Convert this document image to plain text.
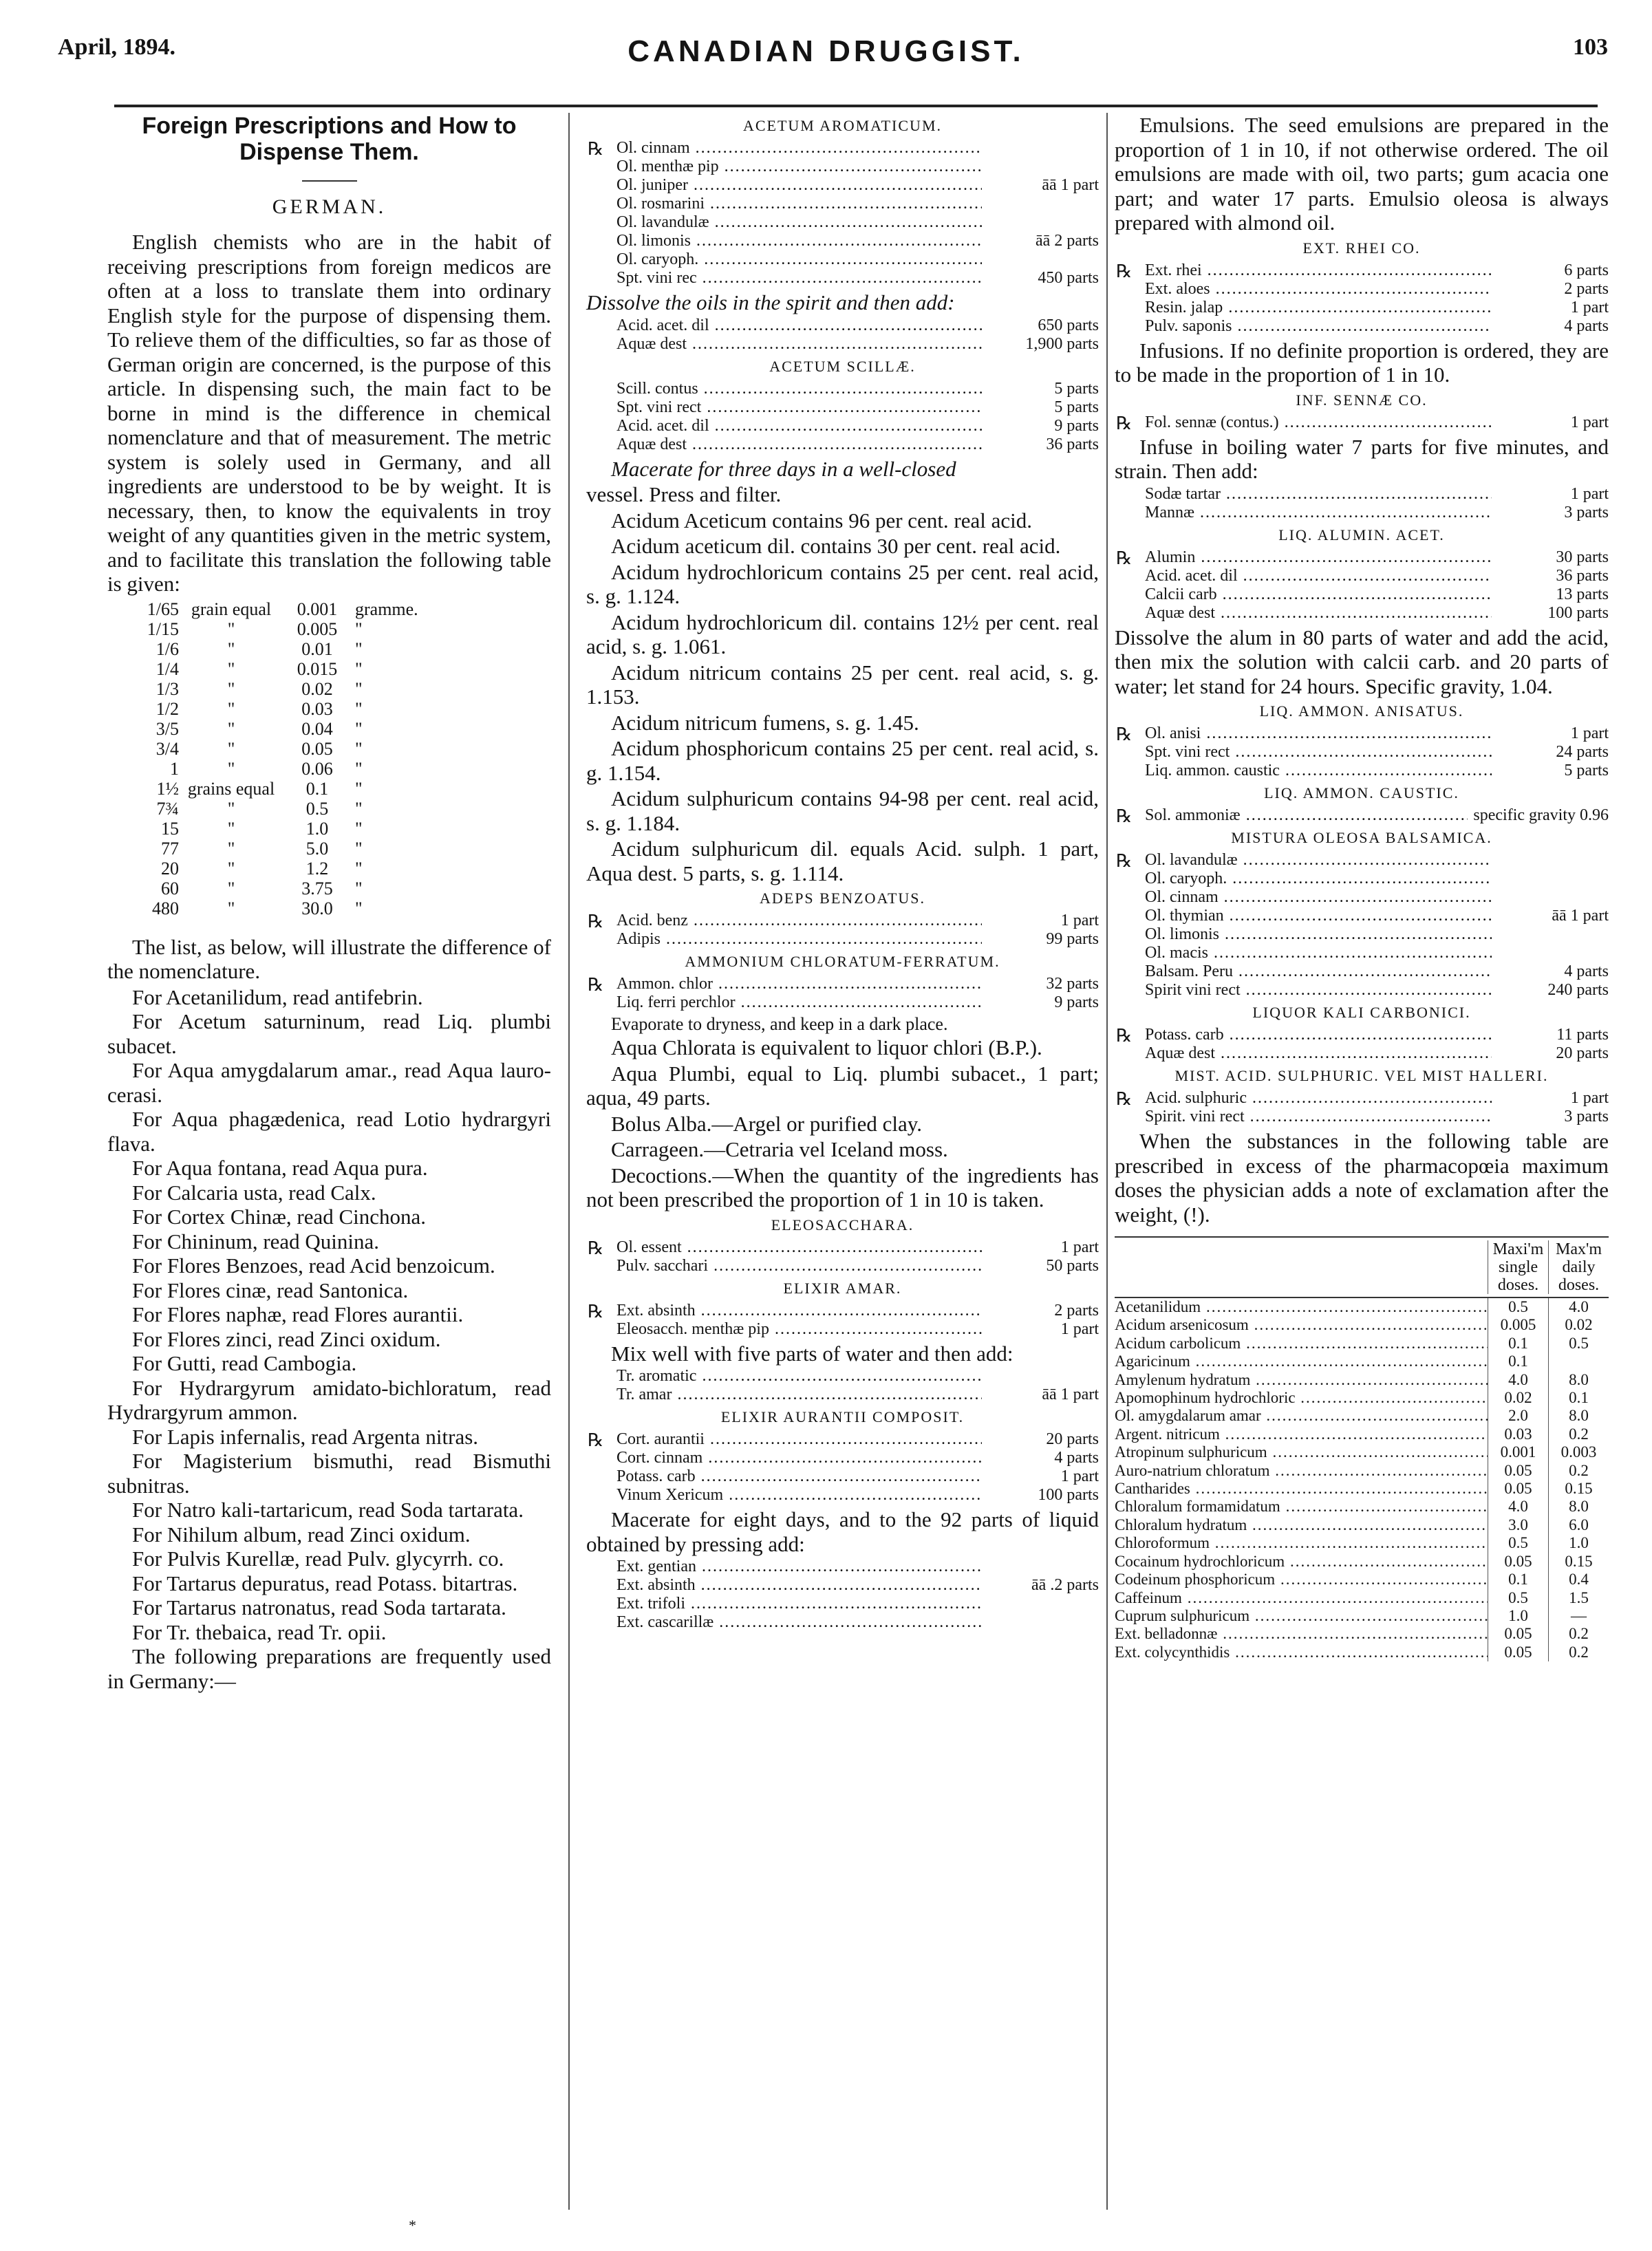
April, 1894.	CANADIAN DRUGGIST.	103
Foreign Prescriptions and How to Dispense Them.
GERMAN.

English chemists who are in the habit of receiving prescriptions from foreign medicos are often at a loss to translate them into ordinary English style for the purpose of dispensing them. To relieve them of the difficulties, so far as those of German origin are concerned, is the purpose of this article. In dispensing such, the main fact to be borne in mind is the difference in chemical nomenclature and that of measurement. The metric system is solely used in Germany, and all ingredients are understood to be by weight. It is necessary, then, to know the equivalents in troy weight of any quantities given in the metric system, and to facilitate this translation the following table is given:

1/65 grain equal	0.001 gramme.
1/15	"	0.005 "
1/6	"	0.01	"
1/4	"	0.015 "
1/3	"	0.02	"
1/2	"	0.03	"
3/5	"	0.04	"
3/4	"	0.05	"
1	"	0.06	"
1½ grains equal	0.1	"
7¾	"	0.5	"
15	"	1.0	"
77	"	5.0	"
20	"	1.2	"
60	"	3.75	"
480	"	30.0	"

The list, as below, will illustrate the difference of the nomenclature.

For Acetanilidum, read antifebrin.
For Acetum saturninum, read Liq. plumbi subacet.
For Aqua amygdalarum amar., read Aqua lauro-cerasi.
For Aqua phagædenica, read Lotio hydrargyri flava.
For Aqua fontana, read Aqua pura.
For Calcaria usta, read Calx.
For Cortex Chinæ, read Cinchona.
For Chininum, read Quinina.
For Flores Benzoes, read Acid benzoicum.
For Flores cinæ, read Santonica.
For Flores naphæ, read Flores aurantii.
For Flores zinci, read Zinci oxidum.
For Gutti, read Cambogia.
For Hydrargyrum amidato-bichloratum, read Hydrargyrum ammon.
For Lapis infernalis, read Argenta nitras.
For Magisterium bismuthi, read Bismuthi subnitras.
For Natro kali-tartaricum, read Soda tartarata.
For Nihilum album, read Zinci oxidum.
For Pulvis Kurellæ, read Pulv. glycyrrh. co.
For Tartarus depuratus, read Potass. bitartras.
For Tartarus natronatus, read Soda tartarata.
For Tr. thebaica, read Tr. opii.

The following preparations are frequently used in Germany:—

ACETUM AROMATICUM.
℞ Ol. cinnam .....
Ol. menthæ pip .....
Ol. juniper .....	āā 1 part
Ol. rosmarini .....
Ol. lavandulæ .....
Ol. limonis .....	āā 2 parts
Ol. caryoph. .....
Spt. vini rec .....	450 parts

Dissolve the oils in the spirit and then add:

Acid. acet. dil .....	650 parts
Aquæ dest .....	1,900 parts
ACETUM SCILLÆ.
Scill. contus .....	5 parts
Spt. vini rect .....	5 parts
Acid. acet. dil .....	9 parts
Aquæ dest .....	36 parts

Macerate for three days in a well-closed

vessel. Press and filter.

Acidum Aceticum contains 96 per cent. real acid.

Acidum aceticum dil. contains 30 per cent. real acid.

Acidum hydrochloricum contains 25 per cent. real acid, s. g. 1.124.

Acidum hydrochloricum dil. contains 12½ per cent. real acid, s. g. 1.061.

Acidum nitricum contains 25 per cent. real acid, s. g. 1.153.

Acidum nitricum fumens, s. g. 1.45.

Acidum phosphoricum contains 25 per cent. real acid, s. g. 1.154.

Acidum sulphuricum contains 94-98 per cent. real acid, s. g. 1.184.

Acidum sulphuricum dil. equals Acid. sulph. 1 part, Aqua dest. 5 parts, s. g. 1.114.

ADEPS BENZOATUS.
℞ Acid. benz .....	1 part
Adipis .....	99 parts
AMMONIUM CHLORATUM-FERRATUM.
℞ Ammon. chlor .....	32 parts
Liq. ferri perchlor .....	9 parts

Evaporate to dryness, and keep in a dark place.

Aqua Chlorata is equivalent to liquor chlori (B.P.).

Aqua Plumbi, equal to Liq. plumbi subacet., 1 part; aqua, 49 parts.

Bolus Alba.—Argel or purified clay.

Carrageen.—Cetraria vel Iceland moss.

Decoctions.—When the quantity of the ingredients has not been prescribed the proportion of 1 in 10 is taken.

ELEOSACCHARA.
℞ Ol. essent .....	1 part
Pulv. sacchari .....	50 parts
ELIXIR AMAR.
℞ Ext. absinth .....	2 parts
Eleosacch. menthæ pip .....	1 part

Mix well with five parts of water and then add:

Tr. aromatic .....
Tr. amar .....	āā 1 part
ELIXIR AURANTII COMPOSIT.
℞ Cort. aurantii .....	20 parts
Cort. cinnam .....	4 parts
Potass. carb .....	1 part
Vinum Xericum .....	100 parts

Macerate for eight days, and to the 92 parts of liquid obtained by pressing add:

Ext. gentian .....
Ext. absinth .....	āā .2 parts
Ext. trifoli .....
Ext. cascarillæ .....

Emulsions. The seed emulsions are prepared in the proportion of 1 in 10, if not otherwise ordered. The oil emulsions are made with oil, two parts; gum acacia one part; and water 17 parts. Emulsio oleosa is always prepared with almond oil.

EXT. RHEI CO.
℞ Ext. rhei .....	6 parts
Ext. aloes .....	2 parts
Resin. jalap .....	1 part
Pulv. saponis .....	4 parts

Infusions. If no definite proportion is ordered, they are to be made in the proportion of 1 in 10.

INF. SENNÆ CO.
℞ Fol. sennæ (contus.) .....	1 part

Infuse in boiling water 7 parts for five minutes, and strain. Then add:

Sodæ tartar .....	1 part
Mannæ .....	3 parts
LIQ. ALUMIN. ACET.
℞ Alumin .....	30 parts
Acid. acet. dil .....	36 parts
Calcii carb .....	13 parts
Aquæ dest .....	100 parts

Dissolve the alum in 80 parts of water and add the acid, then mix the solution with calcii carb. and 20 parts of water; let stand for 24 hours. Specific gravity, 1.04.

LIQ. AMMON. ANISATUS.
℞ Ol. anisi .....	1 part
Spt. vini rect .....	24 parts
Liq. ammon. caustic .....	5 parts
LIQ. AMMON. CAUSTIC.
℞ Sol. ammoniæ .....	specific gravity 0.96
MISTURA OLEOSA BALSAMICA.
℞ Ol. lavandulæ .....
Ol. caryoph. .....
Ol. cinnam .....
Ol. thymian .....	āā 1 part
Ol. limonis .....
Ol. macis .....
Balsam. Peru .....	4 parts
Spirit vini rect .....	240 parts
LIQUOR KALI CARBONICI.
℞ Potass. carb .....	11 parts
Aquæ dest .....	20 parts
MIST. ACID. SULPHURIC. VEL MIST HALLERI.
℞ Acid. sulphuric .....	1 part
Spirit. vini rect .....	3 parts

When the substances in the following table are prescribed in excess of the pharmacopœia maximum doses the physician adds a note of exclamation after the weight, (!).

Maxi'm single doses.
Max'm daily doses.
Acetanilidum .....	0.5	4.0
Acidum arsenicosum .....	0.005	0.02
Acidum carbolicum .....	0.1	0.5
Agaricinum .....	0.1
Amylenum hydratum .....	4.0	8.0
Apomophinum hydrochloric .....	0.02	0.1
Ol. amygdalarum amar .....	2.0	8.0
Argent. nitricum .....	0.03	0.2
Atropinum sulphuricum .....	0.001	0.003
Auro-natrium chloratum .....	0.05	0.2
Cantharides .....	0.05	0.15
Chloralum formamidatum .....	4.0	8.0
Chloralum hydratum .....	3.0	6.0
Chloroformum .....	0.5	1.0
Cocainum hydrochloricum .....	0.05	0.15
Codeinum phosphoricum .....	0.1	0.4
Caffeinum .....	0.5	1.5
Cuprum sulphuricum .....	1.0	—
Ext. belladonnæ .....	0.05	0.2
Ext. colycynthidis .....	0.05	0.2
*
